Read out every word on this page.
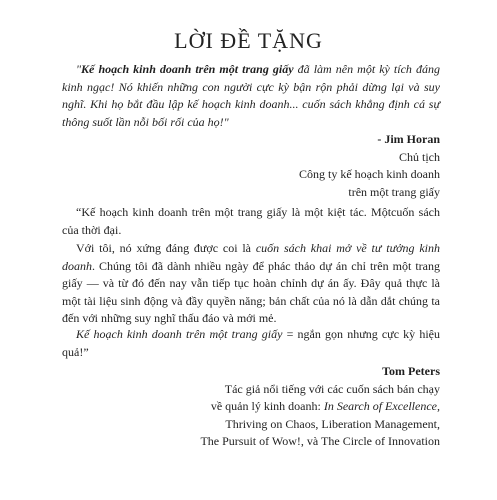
LỜI ĐỀ TẶNG

"Kế hoạch kinh doanh trên một trang giấy đã làm nên một kỳ tích đáng kinh ngạc! Nó khiến những con người cực kỳ bận rộn phải dừng lại và suy nghĩ. Khi họ bắt đầu lập kế hoạch kinh doanh... cuốn sách khẳng định cá sự thông suốt lần nỗi bối rối của họ!"

- Jim Horan
Chủ tịch
Công ty kế hoạch kinh doanh
trên một trang giấy

“Kế hoạch kinh doanh trên một trang giấy là một kiệt tác. Mộtcuốn sách của thời đại.

Với tôi, nó xứng đáng được coi là cuốn sách khai mở về tư tưởng kinh doanh. Chúng tôi đã dành nhiều ngày để phác thảo dự án chỉ trên một trang giấy — và từ đó đến nay vẫn tiếp tục hoàn chỉnh dự án ấy. Đây quả thực là một tài liệu sinh động và đầy quyền năng; bản chất của nó là dẫn dắt chúng ta đến với những suy nghĩ thấu đáo và mới mẻ.

Kế hoạch kinh doanh trên một trang giấy = ngắn gọn nhưng cực kỳ hiệu quả!”

Tom Peters
Tác giả nổi tiếng với các cuốn sách bán chạy
về quản lý kinh doanh: In Search of Excellence,
Thriving on Chaos, Liberation Management,
The Pursuit of Wow!, và The Circle of Innovation
